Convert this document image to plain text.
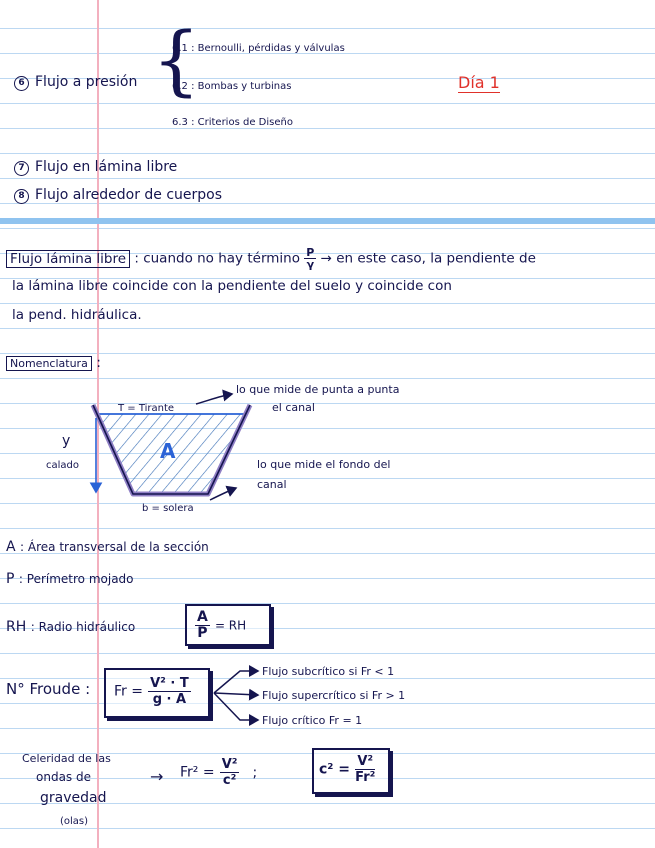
6 Flujo a presión {
6.1 : Bernoulli, pérdidas y válvulas
6.2 : Bombas y turbinas
6.3 : Criterios de Diseño
Día 1
7 Flujo en lámina libre
8 Flujo alrededor de cuerpos
Flujo lámina libre : cuando no hay término $\frac{P}{\gamma}$ → en este caso, la pendiente de
la lámina libre coincide con la pendiente del suelo y coincide con
la pend. hidráulica.
Nomenclatura :
T = Tirante
lo que mide de punta a punta
el canal
A
y
calado	lo que mide el fondo del
canal
b = solera
A : Área transversal de la sección
P : Perímetro mojado
RH : Radio hidráulico	$\frac{A}{P}$ = RH
N° Froude : $Fr = \frac{\text{V² · T}}{g \cdot A}$
Flujo subcrítico si Fr < 1
Flujo supercrítico si Fr > 1
Flujo crítico Fr = 1
Celeridad de las
ondas de
gravedad
(olas)
→ $Fr^2 = \frac{\text{V²}}{\text{c²}}$ ;	$c^2 = \frac{\text{V²}}{\text{Fr²}}$
